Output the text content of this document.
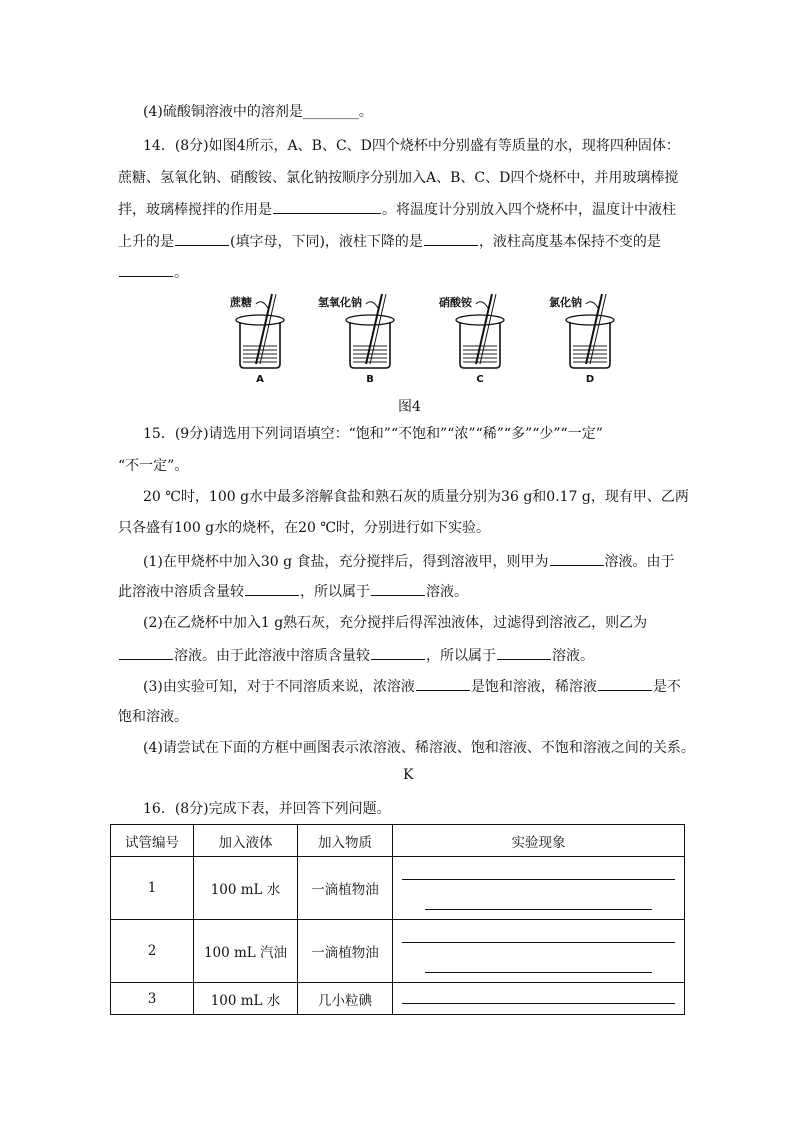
(4)硫酸铜溶液中的溶剂是________。
14．(8分)如图4所示，A、B、C、D四个烧杯中分别盛有等质量的水，现将四种固体：
蔗糖、氢氧化钠、硝酸铵、氯化钠按顺序分别加入A、B、C、D四个烧杯中，并用玻璃棒搅
拌，玻璃棒搅拌的作用是	。将温度计分别放入四个烧杯中，温度计中液柱
上升的是	(填字母，下同)，液柱下降的是	，液柱高度基本保持不变的是
。
蔗糖
A
氢氧化钠
B
硝酸铵
C
氯化钠
D
图4
15．(9分)请选用下列词语填空：“饱和”“不饱和”“浓”“稀”“多”“少”“一定”
“不一定”。
20 ℃时，100 g水中最多溶解食盐和熟石灰的质量分别为36 g和0.17 g，现有甲、乙两
只各盛有100 g水的烧杯，在20 ℃时，分别进行如下实验。
(1)在甲烧杯中加入30 g 食盐，充分搅拌后，得到溶液甲，则甲为	溶液。由于
此溶液中溶质含量较	，所以属于	溶液。
(2)在乙烧杯中加入1 g熟石灰，充分搅拌后得浑浊液体，过滤得到溶液乙，则乙为
溶液。由于此溶液中溶质含量较	，所以属于	溶液。
(3)由实验可知，对于不同溶质来说，浓溶液	是饱和溶液，稀溶液	是不
饱和溶液。
(4)请尝试在下面的方框中画图表示浓溶液、稀溶液、饱和溶液、不饱和溶液之间的关系。
K
16．(8分)完成下表，并回答下列问题。
试管编号	加入液体	加入物质	实验现象
1	100 mL 水	一滴植物油	

2	100 mL 汽油	一滴植物油	

3	100 mL 水	几小粒碘	
